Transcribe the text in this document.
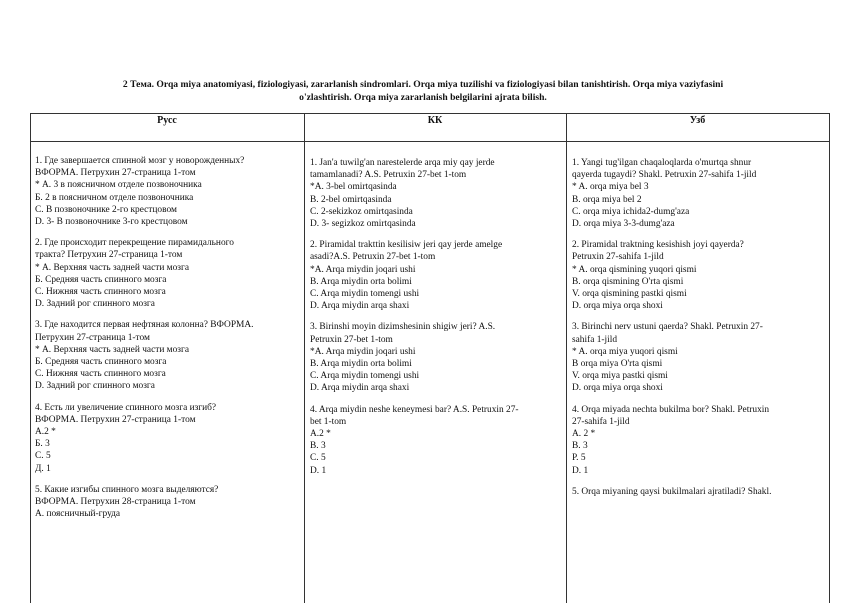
2 Тема. Orqa miya anatomiyasi, fiziologiyasi, zararlanish sindromlari. Orqa miya tuzilishi va fiziologiyasi bilan tanishtirish. Orqa miya vaziyfasini
o'zlashtirish. Orqa miya zararlanish belgilarini ajrata bilish.
Русс	КК	Узб
1. Где завершается спинной мозг у новорожденных?
ВФОРМА. Петрухин 27-страница 1-том
* А. 3 в поясничном отделе позвоночника
Б. 2 в поясничном отделе позвоночника
С. В позвоночнике 2-го крестцовом
D. 3- В позвоночнике 3-го крестцовом
2. Где происходит перекрещение пирамидального
тракта? Петрухин 27-страница 1-том
* А. Верхняя часть задней части мозга
Б. Средняя часть спинного мозга
С. Нижняя часть спинного мозга
D. Задний рог спинного мозга
3. Где находится первая нефтяная колонна? ВФОРМА.
Петрухин 27-страница 1-том
* А. Верхняя часть задней части мозга
Б. Средняя часть спинного мозга
С. Нижняя часть спинного мозга
D. Задний рог спинного мозга
4. Есть ли увеличение спинного мозга изгиб?
ВФОРМА. Петрухин 27-страница 1-том
А.2 *
Б. 3
С. 5
Д. 1
5. Какие изгибы спинного мозга выделяются?
ВФОРМА. Петрухин 28-страница 1-том
А. поясничный-груда
1. Jan'a tuwilg'an narestelerde arqa miy qay jerde
tamamlanadi? A.S. Petruxin 27-bet 1-tom
*A. 3-bel omirtqasinda
B. 2-bel omirtqasinda
C. 2-sekizkoz omirtqasinda
D. 3- segizkoz omirtqasinda
2. Piramidal trakttin kesilisiw jeri qay jerde amelge
asadi?A.S. Petruxin 27-bet 1-tom
*A. Arqa miydin joqari ushi
B. Arqa miydin orta bolimi
C. Arqa miydin tomengi ushi
D. Arqa miydin arqa shaxi
3. Birinshi moyin dizimshesinin shigiw jeri? A.S.
Petruxin 27-bet 1-tom
*A. Arqa miydin joqari ushi
B. Arqa miydin orta bolimi
C. Arqa miydin tomengi ushi
D. Arqa miydin arqa shaxi
4. Arqa miydin neshe keneymesi bar? A.S. Petruxin 27-
bet 1-tom
A.2 *
B. 3
C. 5
D. 1
1. Yangi tug'ilgan chaqaloqlarda o'murtqa shnur
qayerda tugaydi? Shakl. Petruxin 27-sahifa 1-jild
* A. orqa miya bel 3
B. orqa miya bel 2
C. orqa miya ichida2-dumg'aza
D. orqa miya 3-3-dumg'aza
2. Piramidal traktning kesishish joyi qayerda?
Petruxin 27-sahifa 1-jild
* A. orqa qismining yuqori qismi
B. orqa qismining O'rta qismi
V. orqa qismining pastki qismi
D. orqa miya orqa shoxi
3. Birinchi nerv ustuni qaerda? Shakl. Petruxin 27-
sahifa 1-jild
* A. orqa miya yuqori qismi
B orqa miya O'rta qismi
V. orqa miya pastki qismi
D. orqa miya orqa shoxi
4. Orqa miyada nechta bukilma bor? Shakl. Petruxin
27-sahifa 1-jild
A. 2 *
B. 3
P. 5
D. 1
5. Orqa miyaning qaysi bukilmalari ajratiladi? Shakl.
